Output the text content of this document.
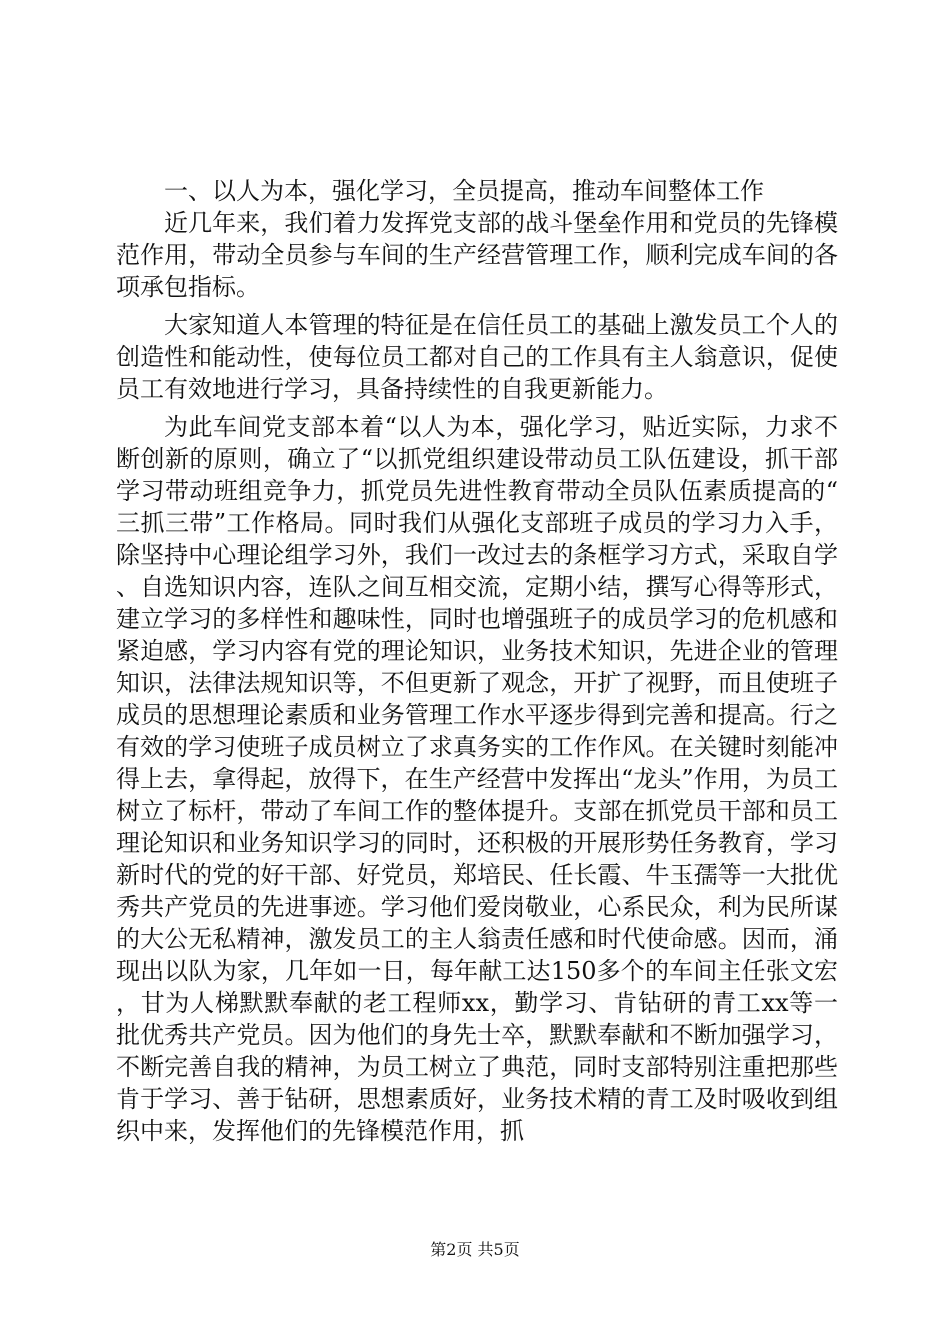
一、以人为本，强化学习，全员提高，推动车间整体工作

近几年来，我们着力发挥党支部的战斗堡垒作用和党员的先锋模范作用，带动全员参与车间的生产经营管理工作，顺利完成车间的各项承包指标。

大家知道人本管理的特征是在信任员工的基础上激发员工个人的创造性和能动性，使每位员工都对自己的工作具有主人翁意识，促使员工有效地进行学习，具备持续性的自我更新能力。

为此车间党支部本着“以人为本，强化学习，贴近实际，力求不断创新的原则，确立了“以抓党组织建设带动员工队伍建设，抓干部学习带动班组竞争力，抓党员先进性教育带动全员队伍素质提高的“三抓三带”工作格局。同时我们从强化支部班子成员的学习力入手，除坚持中心理论组学习外，我们一改过去的条框学习方式，采取自学、自选知识内容，连队之间互相交流，定期小结，撰写心得等形式，建立学习的多样性和趣味性，同时也增强班子的成员学习的危机感和紧迫感，学习内容有党的理论知识，业务技术知识，先进企业的管理知识，法律法规知识等，不但更新了观念，开扩了视野，而且使班子成员的思想理论素质和业务管理工作水平逐步得到完善和提高。行之有效的学习使班子成员树立了求真务实的工作作风。在关键时刻能冲得上去，拿得起，放得下，在生产经营中发挥出“龙头”作用，为员工树立了标杆，带动了车间工作的整体提升。支部在抓党员干部和员工理论知识和业务知识学习的同时，还积极的开展形势任务教育，学习新时代的党的好干部、好党员，郑培民、任长霞、牛玉孺等一大批优秀共产党员的先进事迹。学习他们爱岗敬业，心系民众，利为民所谋的大公无私精神，激发员工的主人翁责任感和时代使命感。因而，涌现出以队为家，几年如一日，每年献工达150多个的车间主任张文宏，甘为人梯默默奉献的老工程师xx，勤学习、肯钻研的青工xx等一批优秀共产党员。因为他们的身先士卒，默默奉献和不断加强学习，不断完善自我的精神，为员工树立了典范，同时支部特别注重把那些肯于学习、善于钻研，思想素质好，业务技术精的青工及时吸收到组织中来，发挥他们的先锋模范作用，抓

第2页 共5页
